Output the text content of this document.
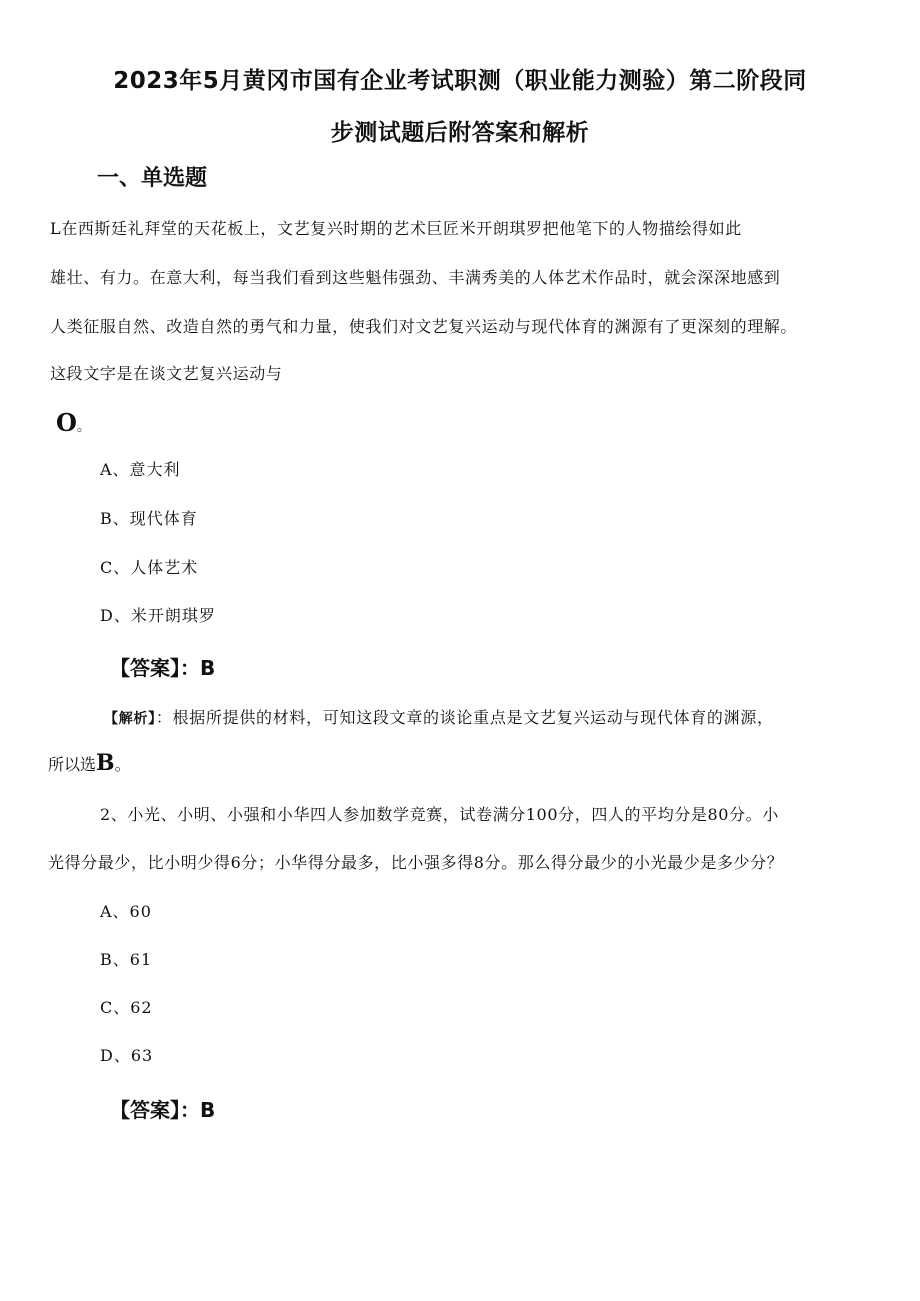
2023年5月黄冈市国有企业考试职测（职业能力测验）第二阶段同
步测试题后附答案和解析
一、单选题
L在西斯廷礼拜堂的天花板上，文艺复兴时期的艺术巨匠米开朗琪罗把他笔下的人物描绘得如此
雄壮、有力。在意大利，每当我们看到这些魁伟强劲、丰满秀美的人体艺术作品时，就会深深地感到
人类征服自然、改造自然的勇气和力量，使我们对文艺复兴运动与现代体育的渊源有了更深刻的理解。
这段文字是在谈文艺复兴运动与
O。
A、意大利
B、现代体育
C、人体艺术
D、米开朗琪罗
【答案】：B
【解析】：根据所提供的材料，可知这段文章的谈论重点是文艺复兴运动与现代体育的渊源，
所以选B。
2、小光、小明、小强和小华四人参加数学竞赛，试卷满分100分，四人的平均分是80分。小
光得分最少，比小明少得6分；小华得分最多，比小强多得8分。那么得分最少的小光最少是多少分？
A、60
B、61
C、62
D、63
【答案】：B
